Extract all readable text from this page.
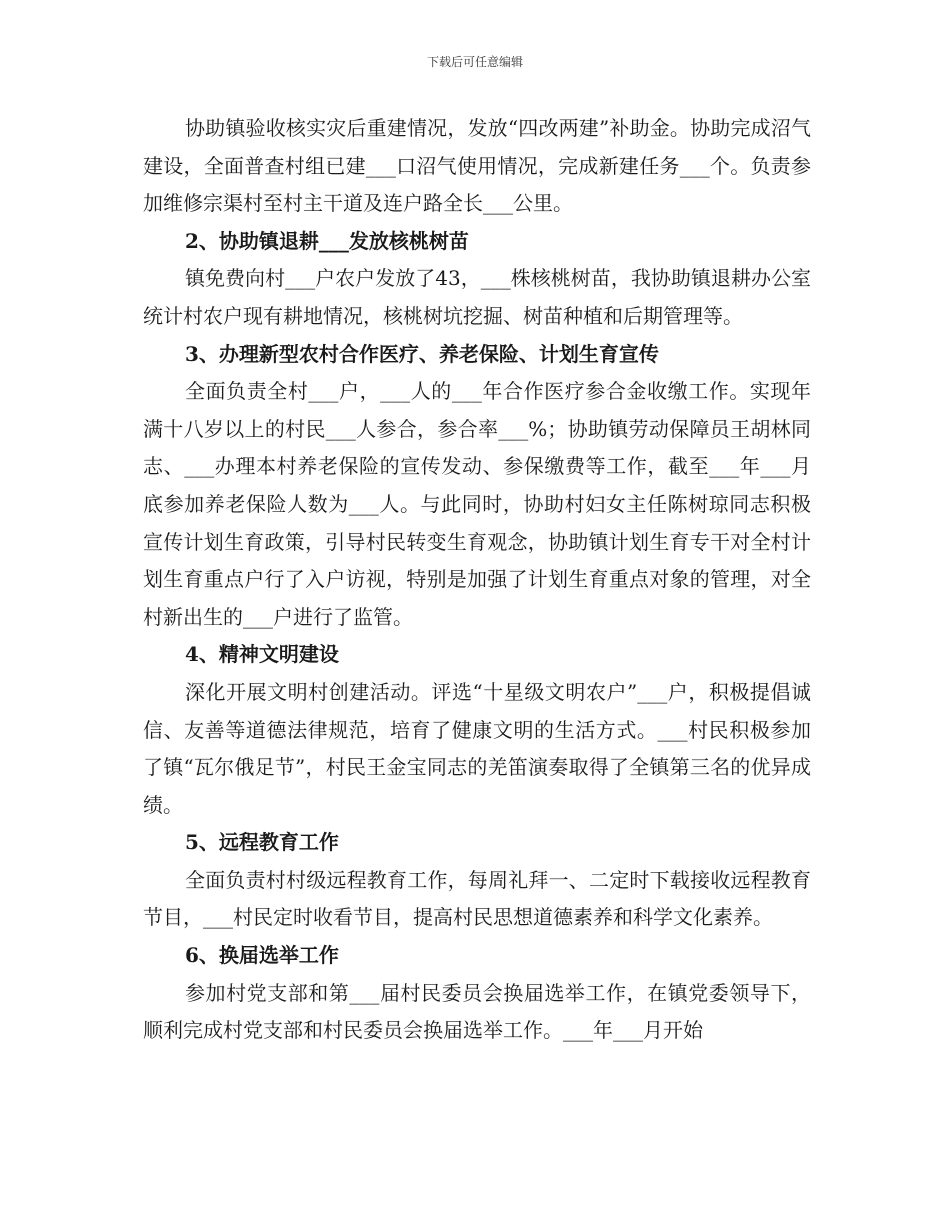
下载后可任意编辑

协助镇验收核实灾后重建情况，发放“四改两建”补助金。协助完成沼气建设，全面普查村组已建___口沼气使用情况，完成新建任务___个。负责参加维修宗渠村至村主干道及连户路全长___公里。

2、协助镇退耕___发放核桃树苗

镇免费向村___户农户发放了43，___株核桃树苗，我协助镇退耕办公室统计村农户现有耕地情况，核桃树坑挖掘、树苗种植和后期管理等。

3、办理新型农村合作医疗、养老保险、计划生育宣传

全面负责全村___户，___人的___年合作医疗参合金收缴工作。实现年满十八岁以上的村民___人参合，参合率___%；协助镇劳动保障员王胡林同志、___办理本村养老保险的宣传发动、参保缴费等工作，截至___年___月底参加养老保险人数为___人。与此同时，协助村妇女主任陈树琼同志积极宣传计划生育政策，引导村民转变生育观念，协助镇计划生育专干对全村计划生育重点户行了入户访视，特别是加强了计划生育重点对象的管理，对全村新出生的___户进行了监管。

4、精神文明建设

深化开展文明村创建活动。评选“十星级文明农户”___户，积极提倡诚信、友善等道德法律规范，培育了健康文明的生活方式。___村民积极参加了镇“瓦尔俄足节”，村民王金宝同志的羌笛演奏取得了全镇第三名的优异成绩。

5、远程教育工作

全面负责村村级远程教育工作，每周礼拜一、二定时下载接收远程教育节目，___村民定时收看节目，提高村民思想道德素养和科学文化素养。

6、换届选举工作

参加村党支部和第___届村民委员会换届选举工作，在镇党委领导下，顺利完成村党支部和村民委员会换届选举工作。___年___月开始
